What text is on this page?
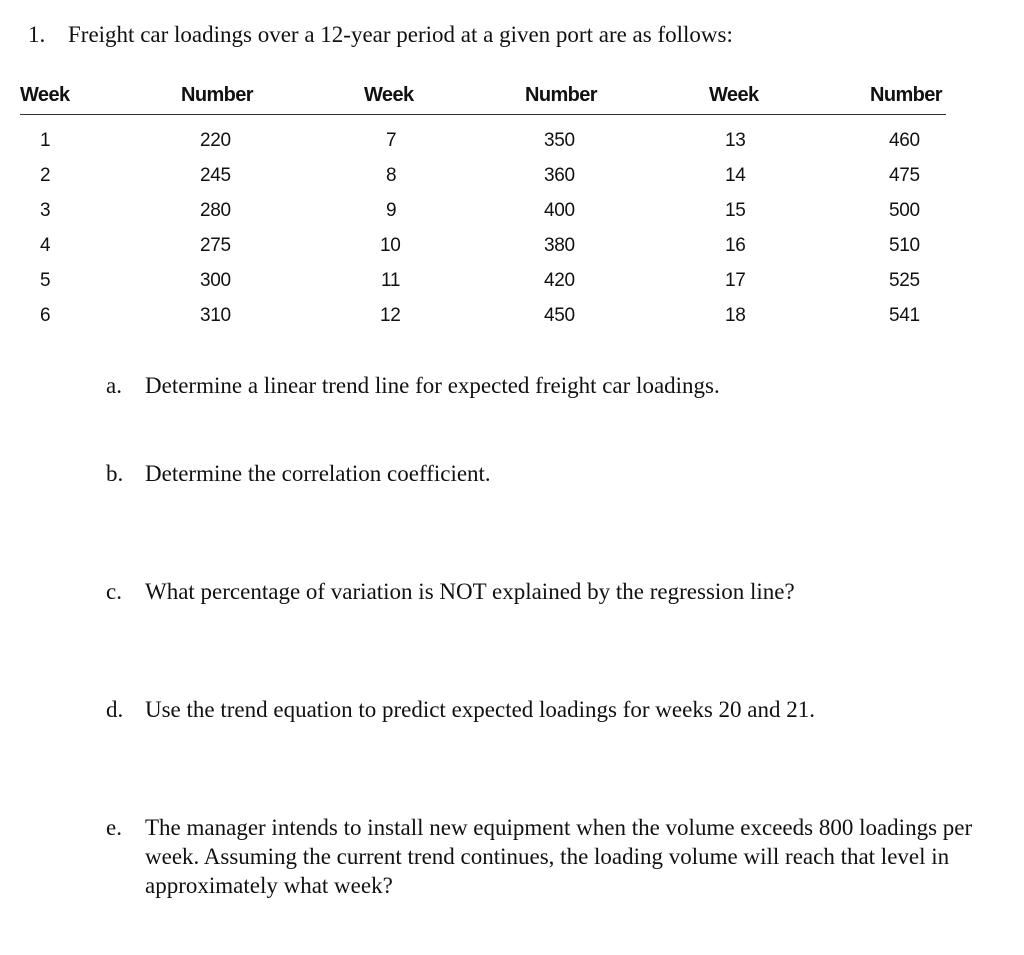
1. Freight car loadings over a 12-year period at a given port are as follows:
Week	Number	Week	Number	Week	Number
1	220	7	350	13	460
2	245	8	360	14	475
3	280	9	400	15	500
4	275	10	380	16	510
5	300	11	420	17	525
6	310	12	450	18	541
a. Determine a linear trend line for expected freight car loadings.
b. Determine the correlation coefficient.
c. What percentage of variation is NOT explained by the regression line?
d. Use the trend equation to predict expected loadings for weeks 20 and 21.
e. The manager intends to install new equipment when the volume exceeds 800 loadings per week. Assuming the current trend continues, the loading volume will reach that level in approximately what week?
